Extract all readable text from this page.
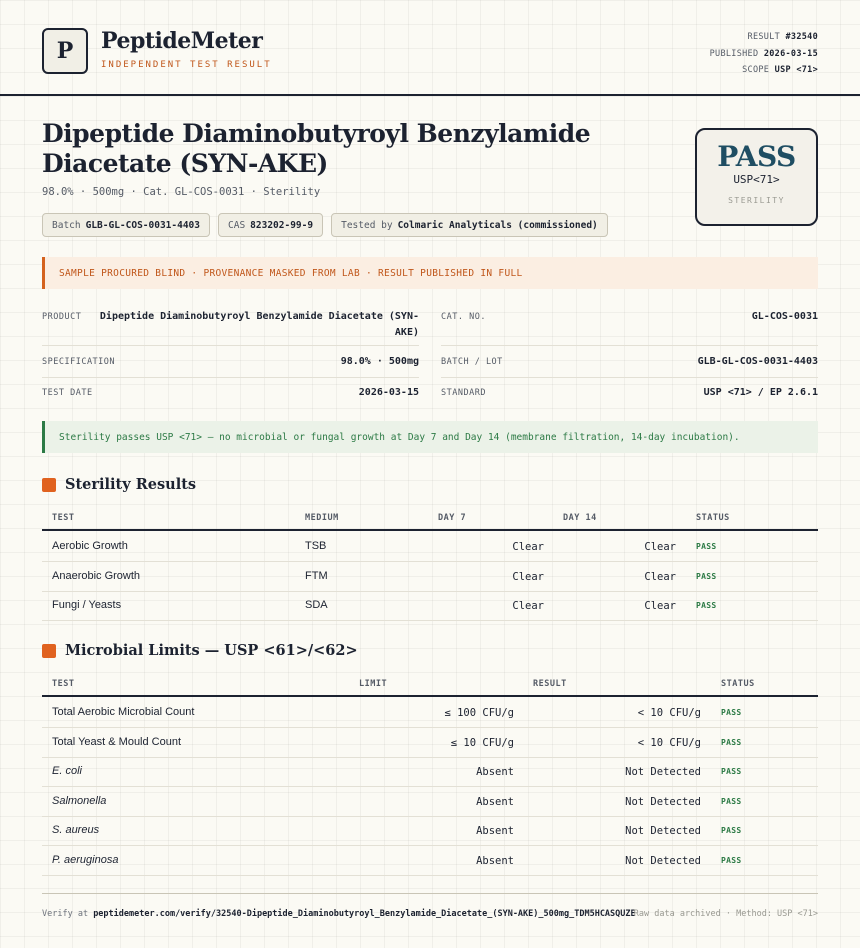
P PeptideMeter
INDEPENDENT TEST RESULT
RESULT #32540
PUBLISHED 2026-03-15
SCOPE USP <71>
Dipeptide Diaminobutyroyl Benzylamide Diacetate (SYN-AKE)
98.0% · 500mg · Cat. GL-COS-0031 · Sterility
Batch GLB-GL-COS-0031-4403	CAS 823202-99-9	Tested by Colmaric Analyticals (commissioned)
PASS
USP<71>
STERILITY
SAMPLE PROCURED BLIND · PROVENANCE MASKED FROM LAB · RESULT PUBLISHED IN FULL
PRODUCT Dipeptide Diaminobutyroyl Benzylamide Diacetate (SYN-AKE)
CAT. NO.	GL-COS-0031
SPECIFICATION	98.0% · 500mg	BATCH / LOT	GLB-GL-COS-0031-4403
TEST DATE	2026-03-15	STANDARD	USP <71> / EP 2.6.1
Sterility passes USP <71> — no microbial or fungal growth at Day 7 and Day 14 (membrane filtration, 14-day incubation).
Sterility Results
TEST	MEDIUM	DAY 7	DAY 14	STATUS
Aerobic Growth	TSB	Clear	Clear	PASS
Anaerobic Growth	FTM	Clear	Clear	PASS
Fungi / Yeasts	SDA	Clear	Clear	PASS
Microbial Limits — USP <61>/<62>
TEST	LIMIT	RESULT	STATUS
Total Aerobic Microbial Count	≤ 100 CFU/g	< 10 CFU/g	PASS
Total Yeast & Mould Count	≤ 10 CFU/g	< 10 CFU/g	PASS
E. coli	Absent	Not Detected	PASS
Salmonella	Absent	Not Detected	PASS
S. aureus	Absent	Not Detected	PASS
P. aeruginosa	Absent	Not Detected	PASS
Verify at peptidemeter.com/verify/32540-Dipeptide_Diaminobutyroyl_Benzylamide_Diacetate_(SYN-AKE)_500mg_TDM5HCASQUZE
Raw data archived · Method: USP <71>
